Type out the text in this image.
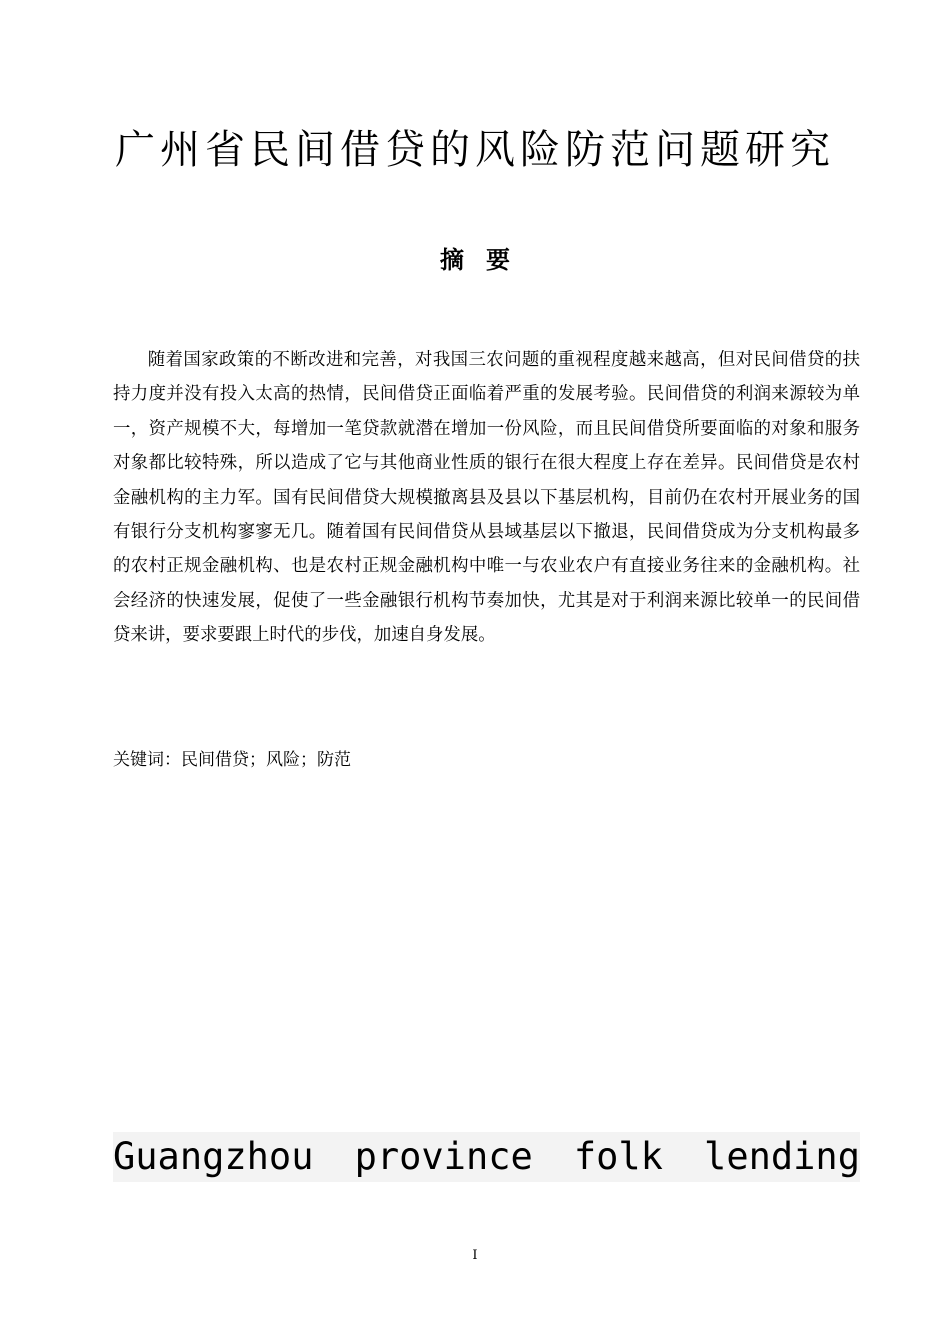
广州省民间借贷的风险防范问题研究
摘要

随着国家政策的不断改进和完善，对我国三农问题的重视程度越来越高，但对民间借贷的扶持力度并没有投入太高的热情，民间借贷正面临着严重的发展考验。民间借贷的利润来源较为单一，资产规模不大，每增加一笔贷款就潜在增加一份风险，而且民间借贷所要面临的对象和服务对象都比较特殊，所以造成了它与其他商业性质的银行在很大程度上存在差异。民间借贷是农村金融机构的主力军。国有民间借贷大规模撤离县及县以下基层机构，目前仍在农村开展业务的国有银行分支机构寥寥无几。随着国有民间借贷从县域基层以下撤退，民间借贷成为分支机构最多的农村正规金融机构、也是农村正规金融机构中唯一与农业农户有直接业务往来的金融机构。社会经济的快速发展，促使了一些金融银行机构节奏加快，尤其是对于利润来源比较单一的民间借贷来讲，要求要跟上时代的步伐，加速自身发展。

关键词：民间借贷；风险；防范

Guangzhou province folk lending
I
